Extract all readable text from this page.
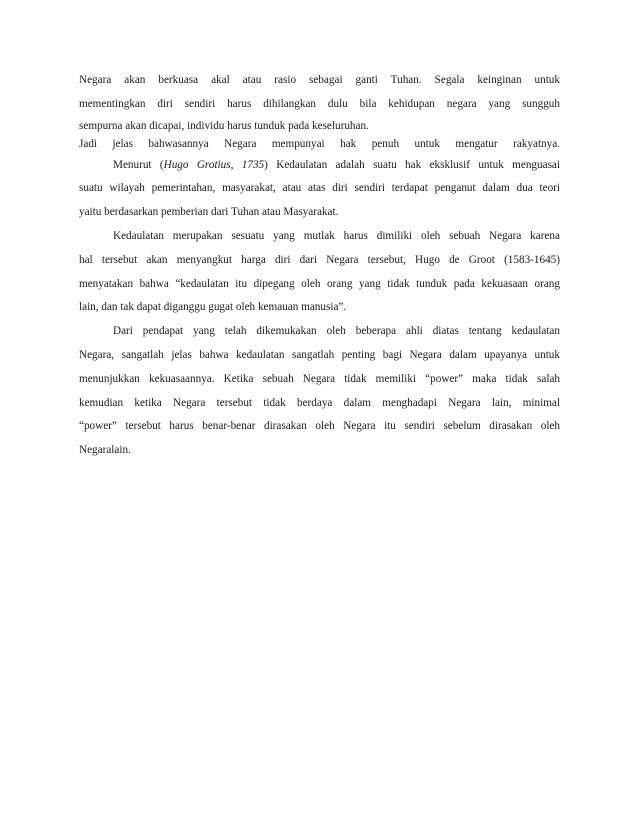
Negara akan berkuasa akal atau rasio sebagai ganti Tuhan. Segala keinginan untuk
mementingkan diri sendiri harus dihilangkan dulu bila kehidupan negara yang sungguh
sempurna akan dicapai, individu harus tunduk pada keseluruhan.
Jadi jelas bahwasannya Negara mempunyai hak penuh untuk mengatur rakyatnya.
Menurut (Hugo Grotius, 1735) Kedaulatan adalah suatu hak eksklusif untuk menguasai
suatu wilayah pemerintahan, masyarakat, atau atas diri sendiri terdapat penganut dalam dua teori
yaitu berdasarkan pemberian dari Tuhan atau Masyarakat.
Kedaulatan merupakan sesuatu yang mutlak harus dimiliki oleh sebuah Negara karena
hal tersebut akan menyangkut harga diri dari Negara tersebut, Hugo de Groot (1583-1645)
menyatakan bahwa “kedaulatan itu dipegang oleh orang yang tidak tunduk pada kekuasaan orang
lain, dan tak dapat diganggu gugat oleh kemauan manusia”.
Dari pendapat yang telah dikemukakan oleh beberapa ahli diatas tentang kedaulatan
Negara, sangatlah jelas bahwa kedaulatan sangatlah penting bagi Negara dalam upayanya untuk
menunjukkan kekuasaannya. Ketika sebuah Negara tidak memiliki “power” maka tidak salah
kemudian ketika Negara tersebut tidak berdaya dalam menghadapi Negara lain, minimal
“power” tersebut harus benar-benar dirasakan oleh Negara itu sendiri sebelum dirasakan oleh
Negaralain.
